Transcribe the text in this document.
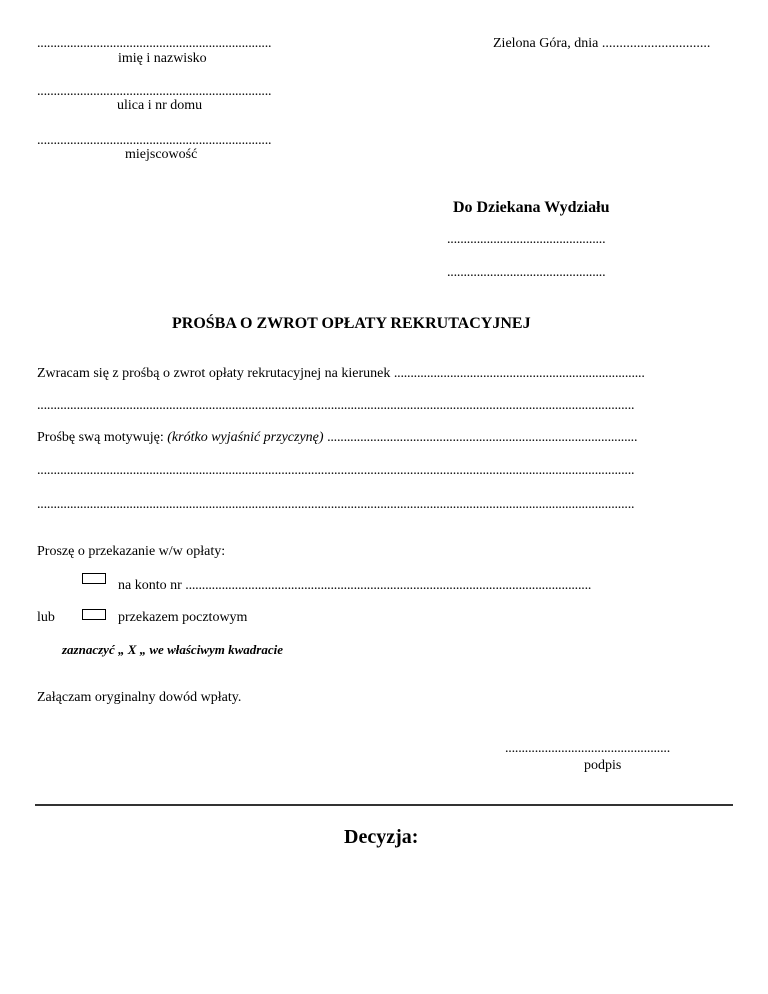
.......................................................................
imię i nazwisko
.......................................................................
ulica i nr domu
.......................................................................
miejscowość
Zielona Góra, dnia ...............................
Do Dziekana Wydziału
................................................
................................................
PROŚBA O ZWROT OPŁATY REKRUTACYJNEJ
Zwracam się z prośbą o zwrot opłaty rekrutacyjnej na kierunek ............................................................................
.....................................................................................................................................................................................
Prośbę swą motywuję: (krótko wyjaśnić przyczynę) ..............................................................................................
.....................................................................................................................................................................................
.....................................................................................................................................................................................
Proszę o przekazanie w/w opłaty:
na konto nr ...........................................................................................................................
lub	przekazem pocztowym
zaznaczyć „ X „ we właściwym kwadracie
Załączam oryginalny dowód wpłaty.
..................................................
podpis
Decyzja:
